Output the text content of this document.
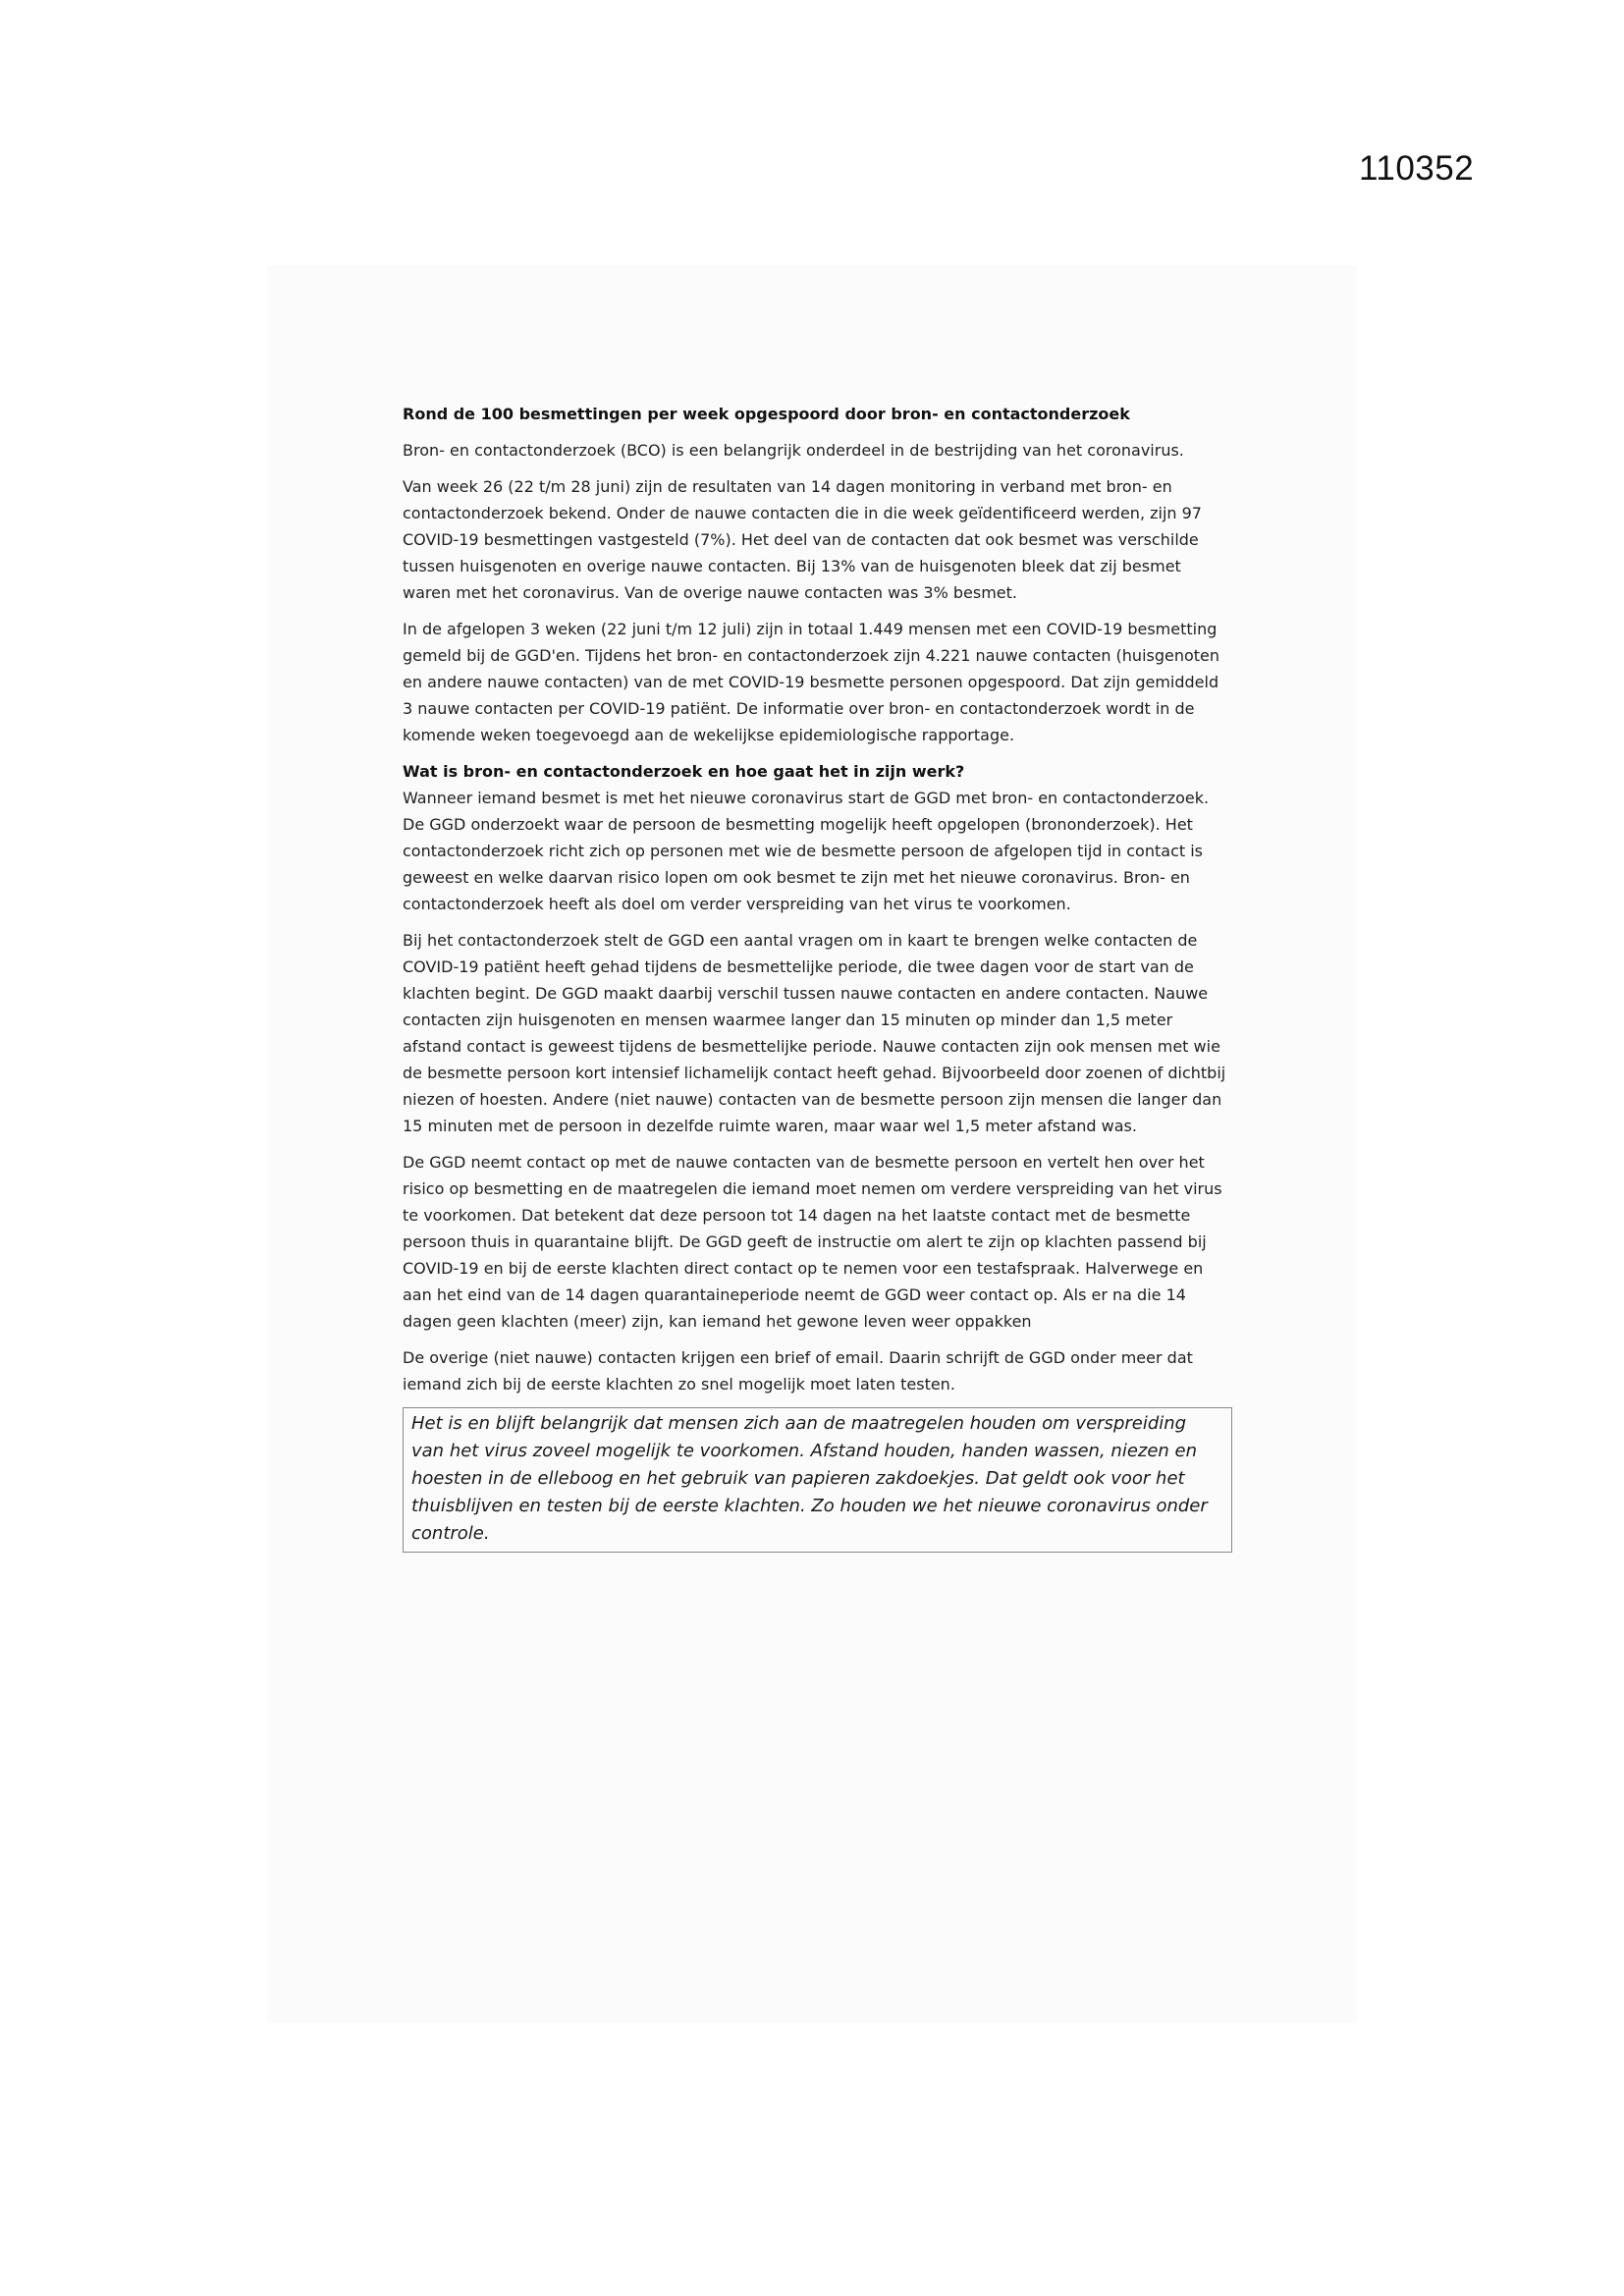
110352
Rond de 100 besmettingen per week opgespoord door bron- en contactonderzoek

Bron- en contactonderzoek (BCO) is een belangrijk onderdeel in de bestrijding van het coronavirus.

Van week 26 (22 t/m 28 juni) zijn de resultaten van 14 dagen monitoring in verband met bron- en contactonderzoek bekend. Onder de nauwe contacten die in die week geïdentificeerd werden, zijn 97 COVID-19 besmettingen vastgesteld (7%). Het deel van de contacten dat ook besmet was verschilde tussen huisgenoten en overige nauwe contacten. Bij 13% van de huisgenoten bleek dat zij besmet waren met het coronavirus. Van de overige nauwe contacten was 3% besmet.

In de afgelopen 3 weken (22 juni t/m 12 juli) zijn in totaal 1.449 mensen met een COVID-19 besmetting gemeld bij de GGD'en. Tijdens het bron- en contactonderzoek zijn 4.221 nauwe contacten (huisgenoten en andere nauwe contacten) van de met COVID-19 besmette personen opgespoord. Dat zijn gemiddeld 3 nauwe contacten per COVID-19 patiënt. De informatie over bron- en contactonderzoek wordt in de komende weken toegevoegd aan de wekelijkse epidemiologische rapportage.

Wat is bron- en contactonderzoek en hoe gaat het in zijn werk?
Wanneer iemand besmet is met het nieuwe coronavirus start de GGD met bron- en contactonderzoek. De GGD onderzoekt waar de persoon de besmetting mogelijk heeft opgelopen (brononderzoek). Het contactonderzoek richt zich op personen met wie de besmette persoon de afgelopen tijd in contact is geweest en welke daarvan risico lopen om ook besmet te zijn met het nieuwe coronavirus. Bron- en contactonderzoek heeft als doel om verder verspreiding van het virus te voorkomen.

Bij het contactonderzoek stelt de GGD een aantal vragen om in kaart te brengen welke contacten de COVID-19 patiënt heeft gehad tijdens de besmettelijke periode, die twee dagen voor de start van de klachten begint. De GGD maakt daarbij verschil tussen nauwe contacten en andere contacten. Nauwe contacten zijn huisgenoten en mensen waarmee langer dan 15 minuten op minder dan 1,5 meter afstand contact is geweest tijdens de besmettelijke periode. Nauwe contacten zijn ook mensen met wie de besmette persoon kort intensief lichamelijk contact heeft gehad. Bijvoorbeeld door zoenen of dichtbij niezen of hoesten. Andere (niet nauwe) contacten van de besmette persoon zijn mensen die langer dan 15 minuten met de persoon in dezelfde ruimte waren, maar waar wel 1,5 meter afstand was.

De GGD neemt contact op met de nauwe contacten van de besmette persoon en vertelt hen over het risico op besmetting en de maatregelen die iemand moet nemen om verdere verspreiding van het virus te voorkomen. Dat betekent dat deze persoon tot 14 dagen na het laatste contact met de besmette persoon thuis in quarantaine blijft. De GGD geeft de instructie om alert te zijn op klachten passend bij COVID-19 en bij de eerste klachten direct contact op te nemen voor een testafspraak. Halverwege en aan het eind van de 14 dagen quarantaineperiode neemt de GGD weer contact op. Als er na die 14 dagen geen klachten (meer) zijn, kan iemand het gewone leven weer oppakken

De overige (niet nauwe) contacten krijgen een brief of email. Daarin schrijft de GGD onder meer dat iemand zich bij de eerste klachten zo snel mogelijk moet laten testen.

Het is en blijft belangrijk dat mensen zich aan de maatregelen houden om verspreiding van het virus zoveel mogelijk te voorkomen. Afstand houden, handen wassen, niezen en hoesten in de elleboog en het gebruik van papieren zakdoekjes. Dat geldt ook voor het thuisblijven en testen bij de eerste klachten. Zo houden we het nieuwe coronavirus onder controle.
